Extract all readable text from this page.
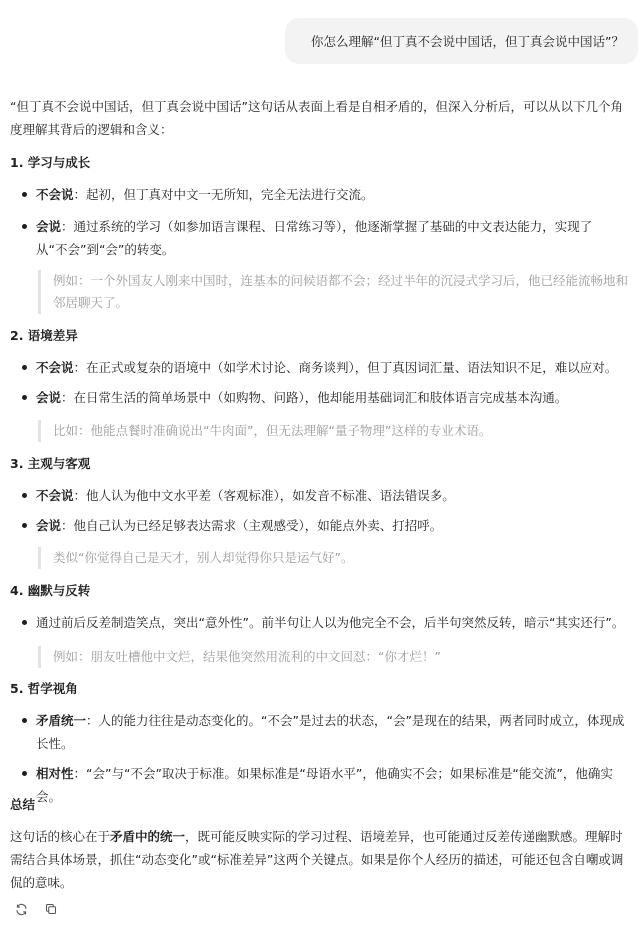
你怎么理解“但丁真不会说中国话，但丁真会说中国话”？
“但丁真不会说中国话，但丁真会说中国话”这句话从表面上看是自相矛盾的，但深入分析后，可以从以下几个角
度理解其背后的逻辑和含义：
1. 学习与成长
不会说：起初，但丁真对中文一无所知，完全无法进行交流。
会说：通过系统的学习（如参加语言课程、日常练习等），他逐渐掌握了基础的中文表达能力，实现了
从“不会”到“会”的转变。
例如：一个外国友人刚来中国时，连基本的问候语都不会；经过半年的沉浸式学习后，他已经能流畅地和
邻居聊天了。
2. 语境差异
不会说：在正式或复杂的语境中（如学术讨论、商务谈判），但丁真因词汇量、语法知识不足，难以应对。
会说：在日常生活的简单场景中（如购物、问路），他却能用基础词汇和肢体语言完成基本沟通。
比如：他能点餐时准确说出“牛肉面”，但无法理解“量子物理”这样的专业术语。
3. 主观与客观
不会说：他人认为他中文水平差（客观标准），如发音不标准、语法错误多。
会说：他自己认为已经足够表达需求（主观感受），如能点外卖、打招呼。
类似“你觉得自己是天才，别人却觉得你只是运气好”。
4. 幽默与反转
通过前后反差制造笑点，突出“意外性”。前半句让人以为他完全不会，后半句突然反转，暗示“其实还行”。
例如：朋友吐槽他中文烂，结果他突然用流利的中文回怼：“你才烂！”
5. 哲学视角
矛盾统一：人的能力往往是动态变化的。“不会”是过去的状态，“会”是现在的结果，两者同时成立，体现成
长性。
相对性：“会”与“不会”取决于标准。如果标准是“母语水平”，他确实不会；如果标准是“能交流”，他确实会。
总结
这句话的核心在于矛盾中的统一，既可能反映实际的学习过程、语境差异，也可能通过反差传递幽默感。理解时
需结合具体场景，抓住“动态变化”或“标准差异”这两个关键点。如果是你个人经历的描述，可能还包含自嘲或调
侃的意味。
